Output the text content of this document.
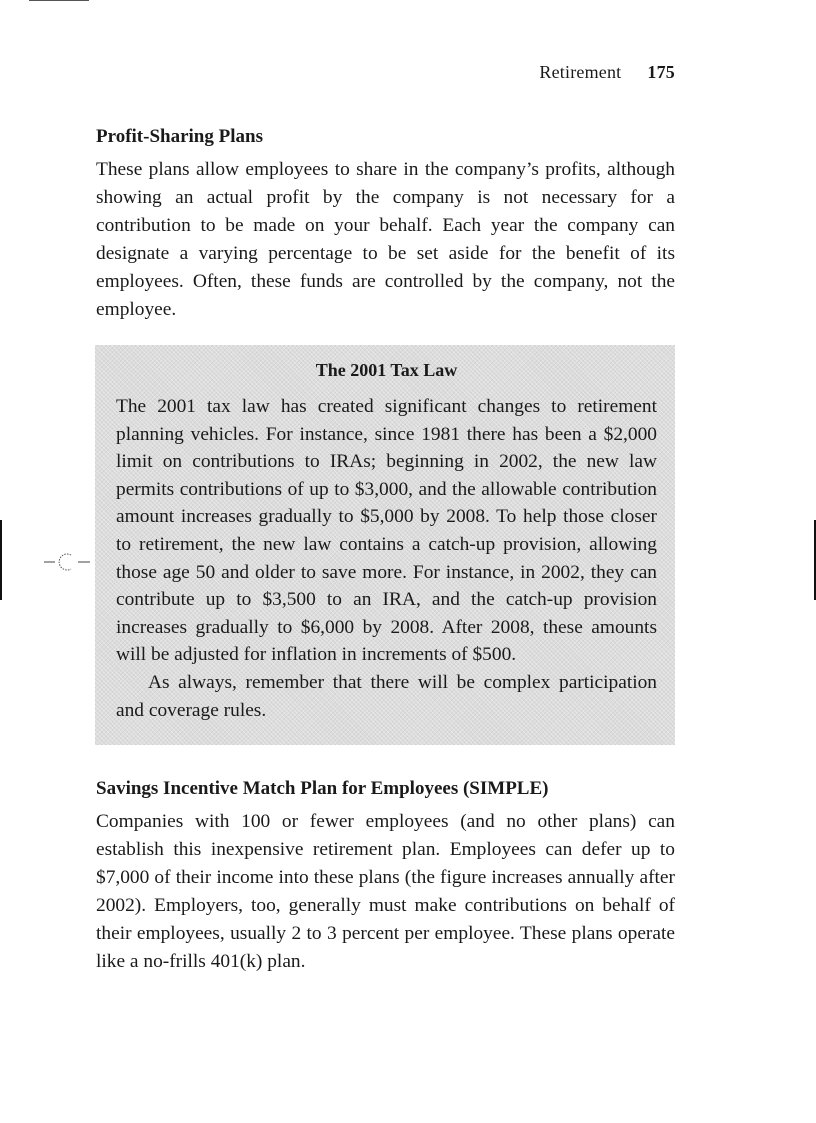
Retirement 175
Profit-Sharing Plans

These plans allow employees to share in the company’s profits, although showing an actual profit by the company is not necessary for a contribution to be made on your behalf. Each year the company can designate a varying percentage to be set aside for the benefit of its employees. Often, these funds are controlled by the company, not the employee.

The 2001 Tax Law

The 2001 tax law has created significant changes to retirement planning vehicles. For instance, since 1981 there has been a $2,000 limit on contributions to IRAs; beginning in 2002, the new law permits contributions of up to $3,000, and the allowable contribution amount increases gradually to $5,000 by 2008. To help those closer to retirement, the new law contains a catch-up provision, allowing those age 50 and older to save more. For instance, in 2002, they can contribute up to $3,500 to an IRA, and the catch-up provision increases gradually to $6,000 by 2008. After 2008, these amounts will be adjusted for inflation in increments of $500.

As always, remember that there will be complex participation and coverage rules.

Savings Incentive Match Plan for Employees (SIMPLE)

Companies with 100 or fewer employees (and no other plans) can establish this inexpensive retirement plan. Employees can defer up to $7,000 of their income into these plans (the figure increases annually after 2002). Employers, too, generally must make contributions on behalf of their employees, usually 2 to 3 percent per employee. These plans operate like a no-frills 401(k) plan.
